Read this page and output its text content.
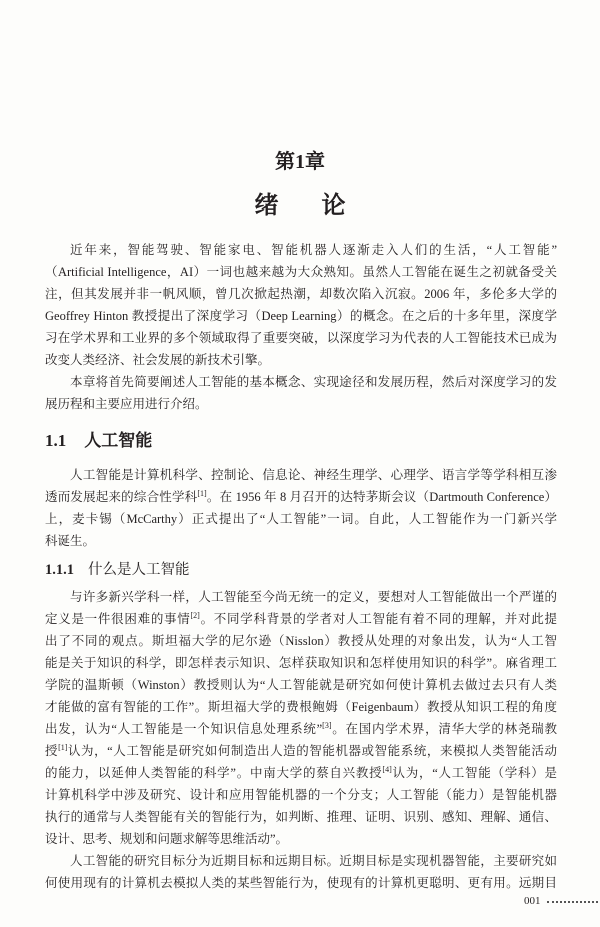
第1章
绪论
近年来，智能驾驶、智能家电、智能机器人逐渐走入人们的生活，“人工智能”
（Artificial Intelligence，AI）一词也越来越为大众熟知。虽然人工智能在诞生之初就备受关
注，但其发展并非一帆风顺，曾几次掀起热潮，却数次陷入沉寂。2006 年，多伦多大学的
Geoffrey Hinton 教授提出了深度学习（Deep Learning）的概念。在之后的十多年里，深度学
习在学术界和工业界的多个领域取得了重要突破，以深度学习为代表的人工智能技术已成为
改变人类经济、社会发展的新技术引擎。
本章将首先简要阐述人工智能的基本概念、实现途径和发展历程，然后对深度学习的发
展历程和主要应用进行介绍。
1.1 人工智能
人工智能是计算机科学、控制论、信息论、神经生理学、心理学、语言学等学科相互渗
透而发展起来的综合性学科[1]。在 1956 年 8 月召开的达特茅斯会议（Dartmouth Conference）
上，麦卡锡（McCarthy）正式提出了“人工智能”一词。自此，人工智能作为一门新兴学
科诞生。
1.1.1 什么是人工智能
与许多新兴学科一样，人工智能至今尚无统一的定义，要想对人工智能做出一个严谨的
定义是一件很困难的事情[2]。不同学科背景的学者对人工智能有着不同的理解，并对此提
出了不同的观点。斯坦福大学的尼尔逊（Nisslon）教授从处理的对象出发，认为“人工智
能是关于知识的科学，即怎样表示知识、怎样获取知识和怎样使用知识的科学”。麻省理工
学院的温斯顿（Winston）教授则认为“人工智能就是研究如何使计算机去做过去只有人类
才能做的富有智能的工作”。斯坦福大学的费根鲍姆（Feigenbaum）教授从知识工程的角度
出发，认为“人工智能是一个知识信息处理系统”[3]。在国内学术界，清华大学的林尧瑞教
授[1]认为，“人工智能是研究如何制造出人造的智能机器或智能系统，来模拟人类智能活动
的能力，以延伸人类智能的科学”。中南大学的蔡自兴教授[4]认为，“人工智能（学科）是
计算机科学中涉及研究、设计和应用智能机器的一个分支；人工智能（能力）是智能机器
执行的通常与人类智能有关的智能行为，如判断、推理、证明、识别、感知、理解、通信、
设计、思考、规划和问题求解等思维活动”。
人工智能的研究目标分为近期目标和远期目标。近期目标是实现机器智能，主要研究如
何使用现有的计算机去模拟人类的某些智能行为，使现有的计算机更聪明、更有用。远期目
001
